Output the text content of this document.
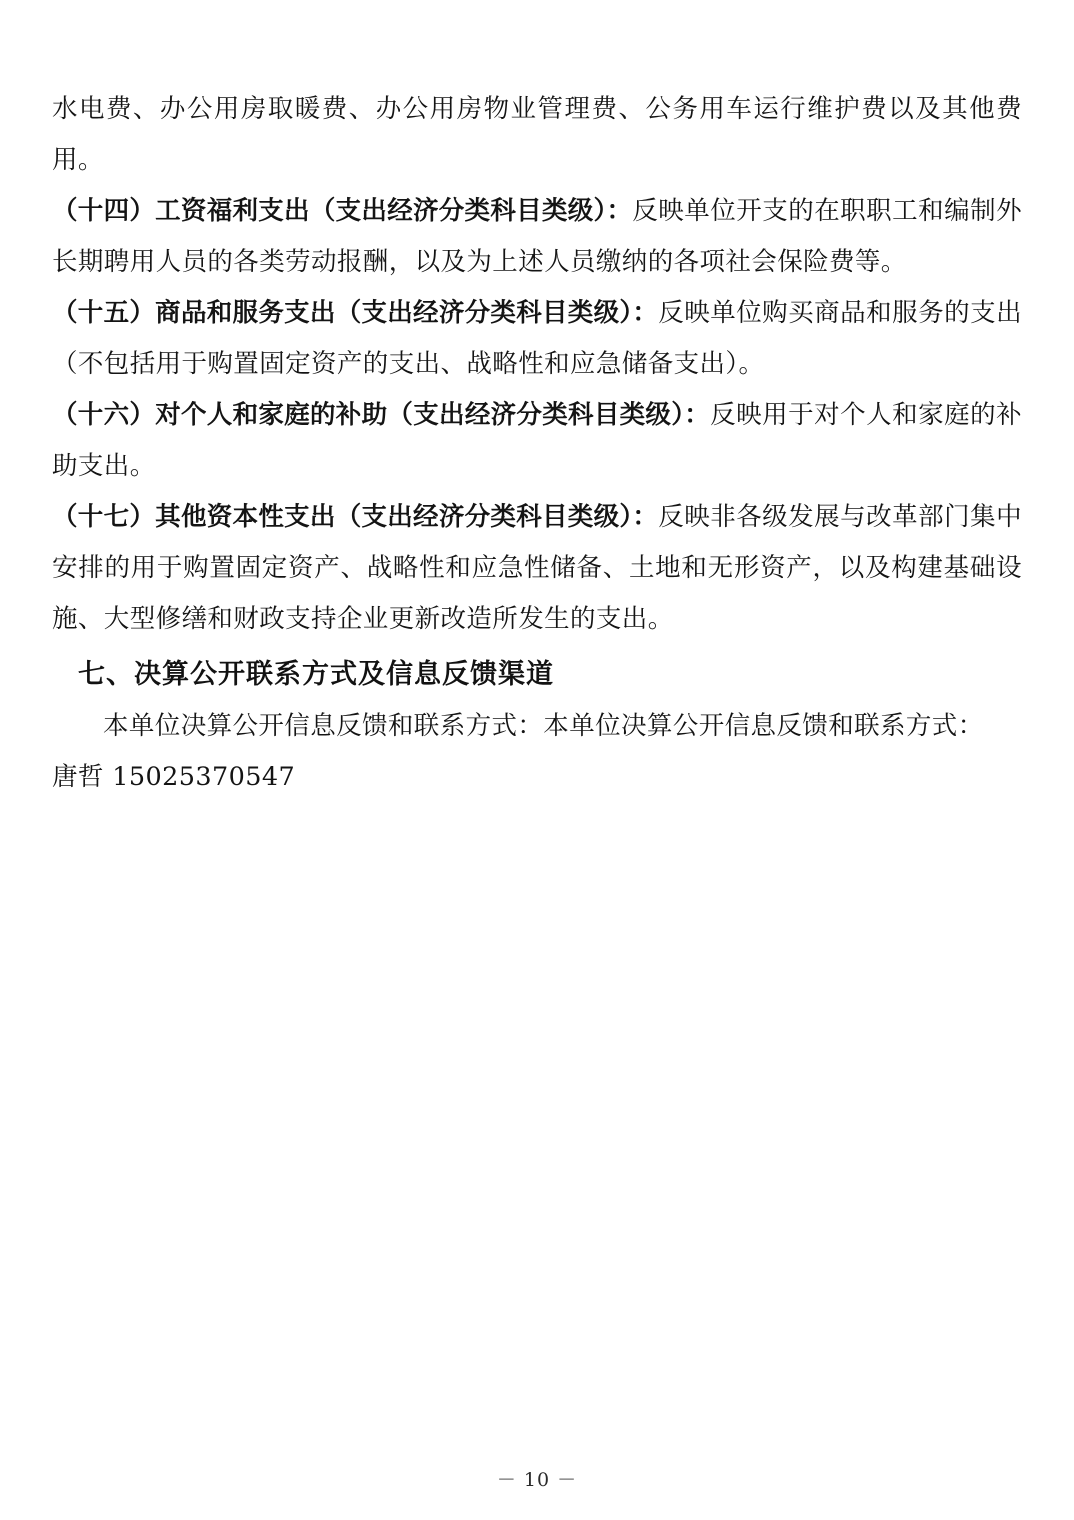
水电费、办公用房取暖费、办公用房物业管理费、公务用车运行维护费以及其他费用。

（十四）工资福利支出（支出经济分类科目类级）：反映单位开支的在职职工和编制外长期聘用人员的各类劳动报酬，以及为上述人员缴纳的各项社会保险费等。

（十五）商品和服务支出（支出经济分类科目类级）：反映单位购买商品和服务的支出（不包括用于购置固定资产的支出、战略性和应急储备支出）。

（十六）对个人和家庭的补助（支出经济分类科目类级）：反映用于对个人和家庭的补助支出。

（十七）其他资本性支出（支出经济分类科目类级）：反映非各级发展与改革部门集中安排的用于购置固定资产、战略性和应急性储备、土地和无形资产，以及构建基础设施、大型修缮和财政支持企业更新改造所发生的支出。

七、决算公开联系方式及信息反馈渠道

本单位决算公开信息反馈和联系方式：本单位决算公开信息反馈和联系方式：

唐哲 15025370547

－ 10 －
